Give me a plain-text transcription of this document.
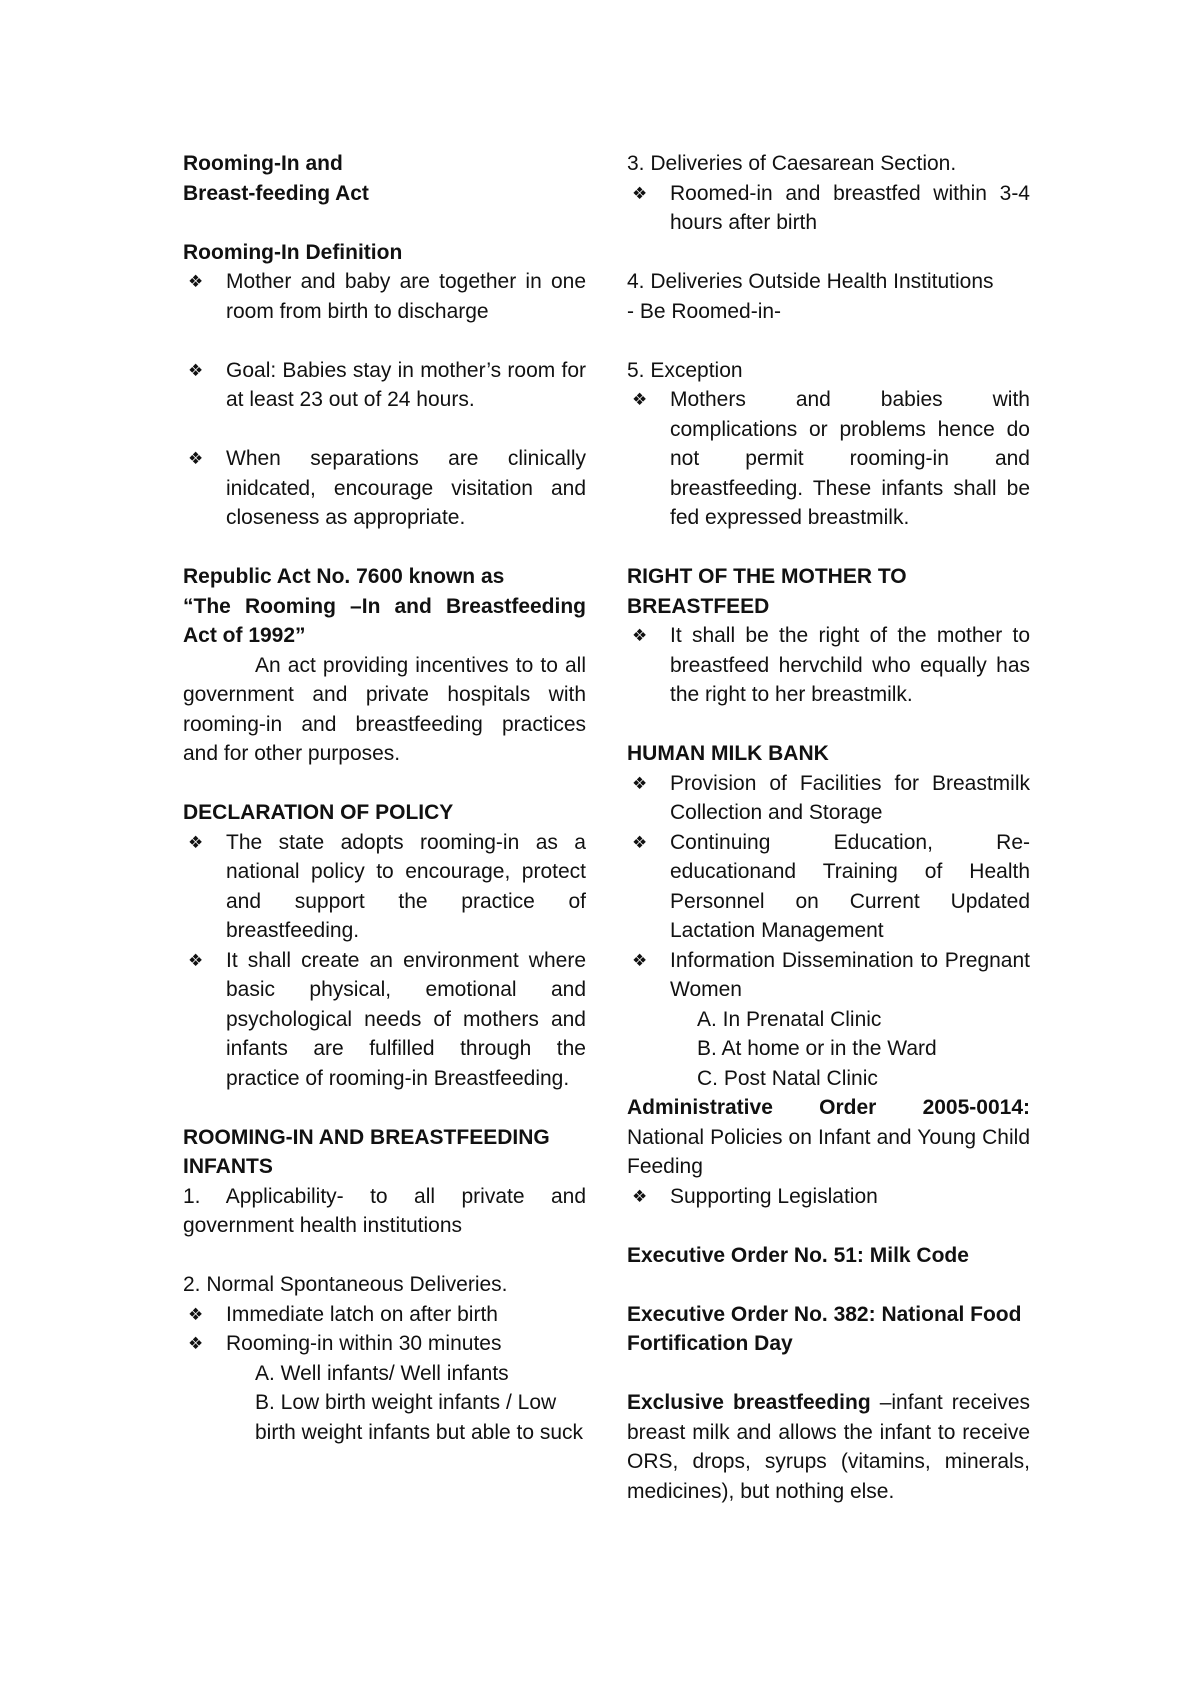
Rooming-In and

Breast-feeding Act

Rooming-In Definition

❖ Mother and baby are together in one room from birth to discharge
❖ Goal: Babies stay in mother’s room for at least 23 out of 24 hours.
❖ When separations are clinically inidcated, encourage visitation and closeness as appropriate.

Republic Act No. 7600 known as

“The Rooming –In and Breastfeeding Act of 1992”

An act providing incentives to to all government and private hospitals with rooming-in and breastfeeding practices and for other purposes.

DECLARATION OF POLICY

❖ The state adopts rooming-in as a national policy to encourage, protect and support the practice of breastfeeding.
❖ It shall create an environment where basic physical, emotional and psychological needs of mothers and infants are fulfilled through the practice of rooming-in Breastfeeding.

ROOMING-IN AND BREASTFEEDING INFANTS

1. Applicability- to all private and government health institutions

2. Normal Spontaneous Deliveries.

❖ Immediate latch on after birth
❖ Rooming-in within 30 minutes

A. Well infants/ Well infants

B. Low birth weight infants / Low birth weight infants but able to suck

3. Deliveries of Caesarean Section.

❖ Roomed-in and breastfed within 3-4 hours after birth

4. Deliveries Outside Health Institutions

- Be Roomed-in-

5. Exception

❖ Mothers and babies with complications or problems hence do not permit rooming-in and breastfeeding. These infants shall be fed expressed breastmilk.

RIGHT OF THE MOTHER TO BREASTFEED

❖ It shall be the right of the mother to breastfeed hervchild who equally has the right to her breastmilk.

HUMAN MILK BANK

❖ Provision of Facilities for Breastmilk Collection and Storage
❖ Continuing Education, Re-educationand Training of Health Personnel on Current Updated Lactation Management
❖ Information Dissemination to Pregnant Women

A. In Prenatal Clinic

B. At home or in the Ward

C. Post Natal Clinic

Administrative Order 2005-0014:

National Policies on Infant and Young Child Feeding

❖ Supporting Legislation

Executive Order No. 51: Milk Code

Executive Order No. 382: National Food Fortification Day

Exclusive breastfeeding –infant receives breast milk and allows the infant to receive ORS, drops, syrups (vitamins, minerals, medicines), but nothing else.
